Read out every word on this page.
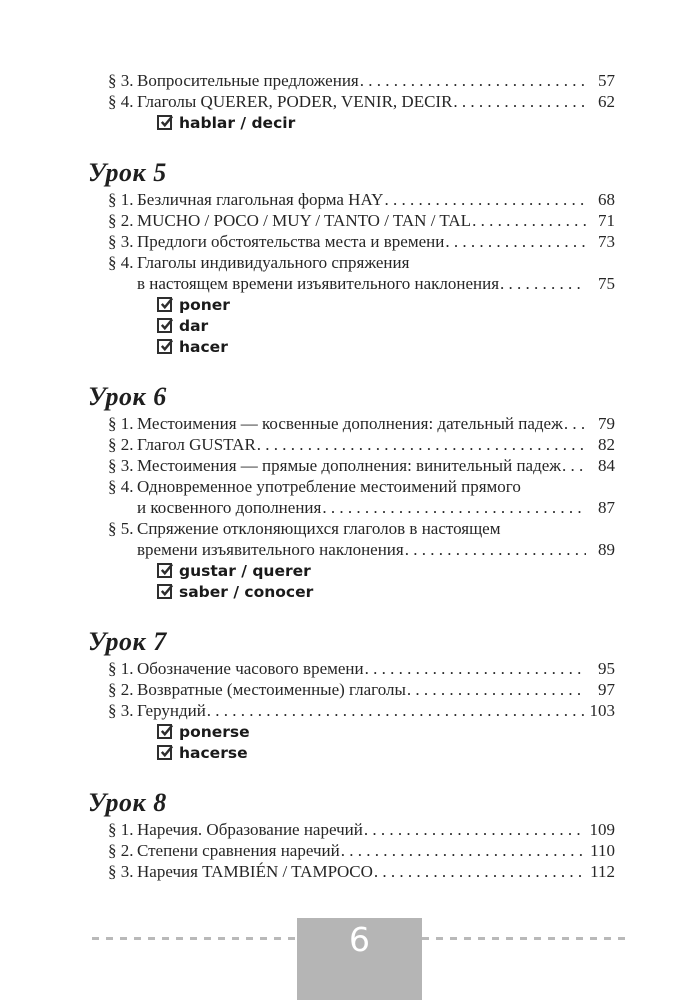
§ 3. Вопросительные предложения . . .	57
§ 4. Глаголы QUERER, PODER, VENIR, DECIR . . .	62
hablar / decir
Урок 5
§ 1. Безличная глагольная форма HAY . . .	68
§ 2. MUCHO / POCO / MUY / TANTO / TAN / TAL . . .	71
§ 3. Предлоги обстоятельства места и времени . . .	73
§ 4. Глаголы индивидуального спряжения
в настоящем времени изъявительного наклонения . . .	75
poner
dar
hacer
Урок 6
§ 1. Местоимения — косвенные дополнения: дательный падеж . . .	79
§ 2. Глагол GUSTAR . . .	82
§ 3. Местоимения — прямые дополнения: винительный падеж . . .	84
§ 4. Одновременное употребление местоимений прямого
и косвенного дополнения . . .	87
§ 5. Спряжение отклоняющихся глаголов в настоящем
времени изъявительного наклонения . . .	89
gustar / querer
saber / conocer
Урок 7
§ 1. Обозначение часового времени . . .	95
§ 2. Возвратные (местоименные) глаголы . . .	97
§ 3. Герундий . . .	103
ponerse
hacerse
Урок 8
§ 1. Наречия. Образование наречий . . .	109
§ 2. Степени сравнения наречий . . .	110
§ 3. Наречия TAMBIÉN / TAMPOCO . . .	112
6
